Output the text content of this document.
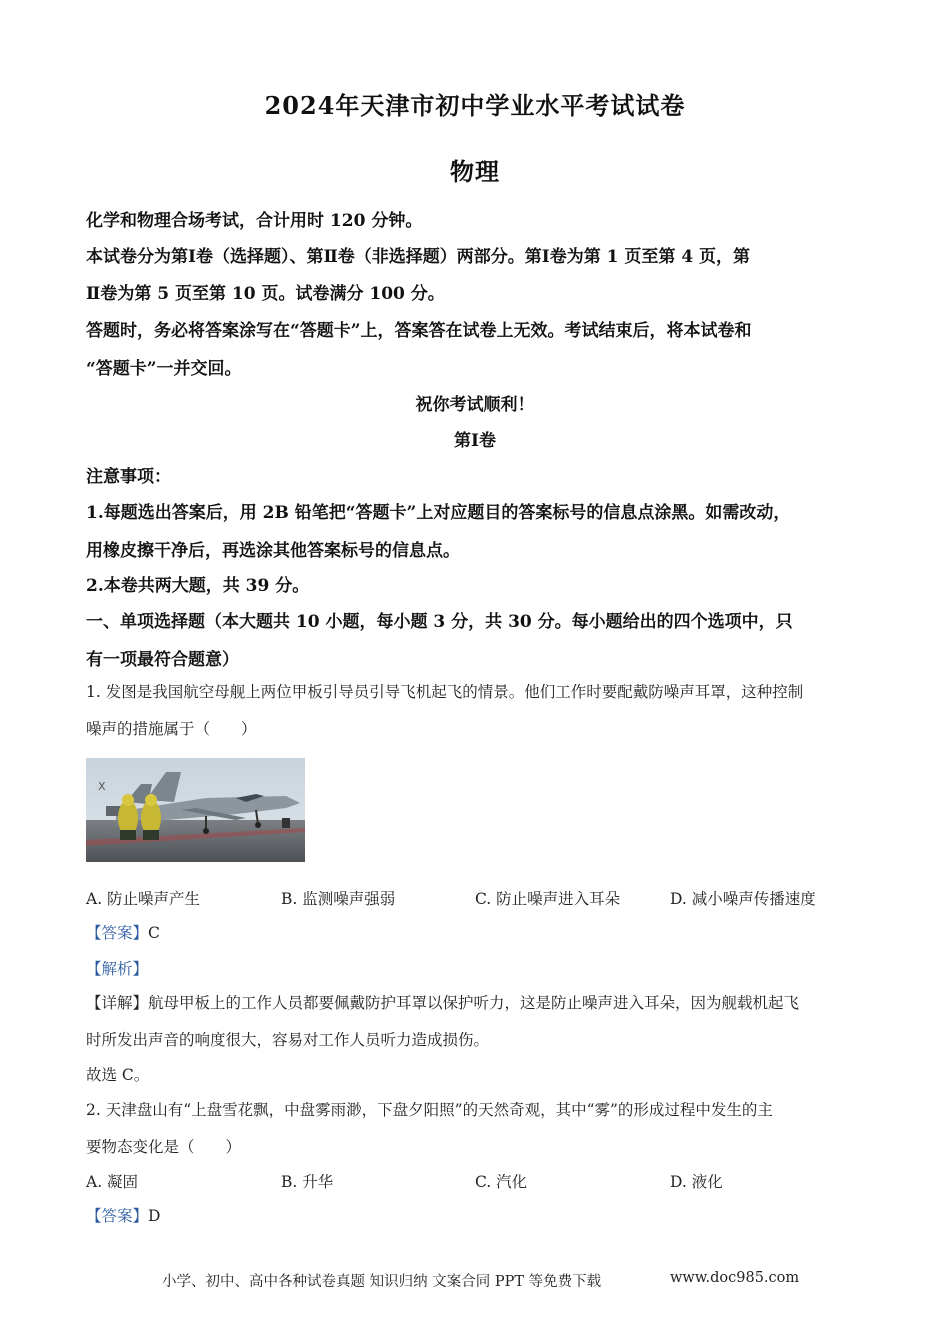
2024年天津市初中学业水平考试试卷
物理
化学和物理合场考试，合计用时 120 分钟。
本试卷分为第Ⅰ卷（选择题）、第Ⅱ卷（非选择题）两部分。第Ⅰ卷为第 1 页至第 4 页，第
Ⅱ卷为第 5 页至第 10 页。试卷满分 100 分。
答题时，务必将答案涂写在“答题卡”上，答案答在试卷上无效。考试结束后，将本试卷和
“答题卡”一并交回。
祝你考试顺利！
第Ⅰ卷
注意事项：
1.每题选出答案后，用 2B 铅笔把“答题卡”上对应题目的答案标号的信息点涂黑。如需改动，
用橡皮擦干净后，再选涂其他答案标号的信息点。
2.本卷共两大题，共 39 分。
一、单项选择题（本大题共 10 小题，每小题 3 分，共 30 分。每小题给出的四个选项中，只
有一项最符合题意）
1. 发图是我国航空母舰上两位甲板引导员引导飞机起飞的情景。他们工作时要配戴防噪声耳罩，这种控制
噪声的措施属于（　　）
X
A. 防止噪声产生	B. 监测噪声强弱	C. 防止噪声进入耳朵	D. 减小噪声传播速度
【答案】C
【解析】
【详解】航母甲板上的工作人员都要佩戴防护耳罩以保护听力，这是防止噪声进入耳朵，因为舰载机起飞
时所发出声音的响度很大，容易对工作人员听力造成损伤。
故选 C。
2. 天津盘山有“上盘雪花飘，中盘雾雨渺，下盘夕阳照”的天然奇观，其中“雾”的形成过程中发生的主
要物态变化是（　　）
A. 凝固	B. 升华	C. 汽化	D. 液化
【答案】D
小学、初中、高中各种试卷真题 知识归纳 文案合同 PPT 等免费下载	www.doc985.com
